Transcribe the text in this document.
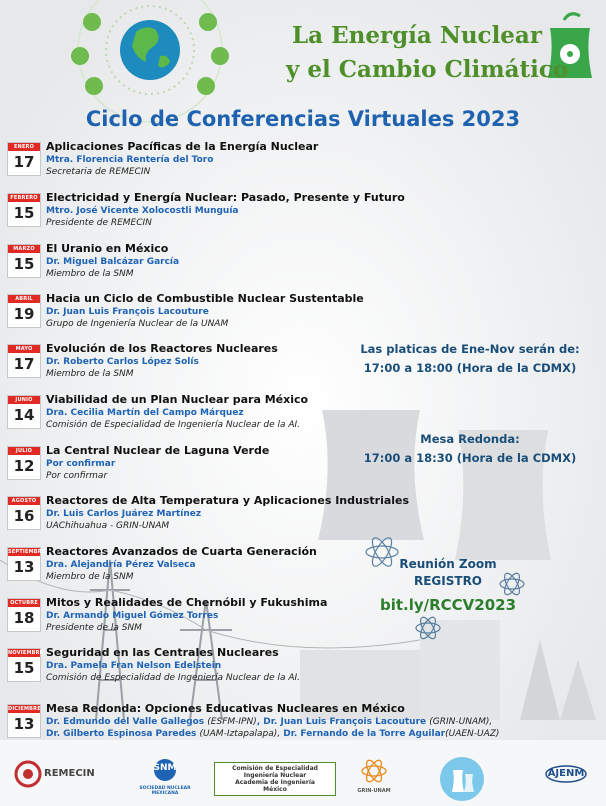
La Energía Nuclear
y el Cambio Climático
Ciclo de Conferencias Virtuales 2023
ENERO
17
Aplicaciones Pacíficas de la Energía Nuclear
Mtra. Florencia Rentería del Toro
Secretaria de REMECIN
FEBRERO
15
Electricidad y Energía Nuclear: Pasado, Presente y Futuro
Mtro. José Vicente Xolocostli Munguía
Presidente de REMECIN
MARZO
15
El Uranio en México
Dr. Miguel Balcázar García
Miembro de la SNM
ABRIL
19
Hacia un Ciclo de Combustible Nuclear Sustentable
Dr. Juan Luis François Lacouture
Grupo de Ingeniería Nuclear de la UNAM
MAYO
17
Evolución de los Reactores Nucleares
Dr. Roberto Carlos López Solís
Miembro de la SNM
JUNIO
14
Viabilidad de un Plan Nuclear para México
Dra. Cecilia Martín del Campo Márquez
Comisión de Especialidad de Ingeniería Nuclear de la AI.
JULIO
12
La Central Nuclear de Laguna Verde
Por confirmar
Por confirmar
AGOSTO
16
Reactores de Alta Temperatura y Aplicaciones Industriales
Dr. Luis Carlos Juárez Martínez
UAChihuahua - GRIN-UNAM
SEPTIEMBRE
13
Reactores Avanzados de Cuarta Generación
Dra. Alejandría Pérez Valseca
Miembro de la SNM
OCTUBRE
18
Mitos y Realidades de Chernóbil y Fukushima
Dr. Armando Miguel Gómez Torres
Presidente de la SNM
NOVIEMBRE
15
Seguridad en las Centrales Nucleares
Dra. Pamela Fran Nelson Edelstein
Comisión de Especialidad de Ingeniería Nuclear de la AI.
DICIEMBRE
13
Mesa Redonda: Opciones Educativas Nucleares en México
Dr. Edmundo del Valle Gallegos (ESFM-IPN), Dr. Juan Luis François Lacouture (GRIN-UNAM),
Dr. Gilberto Espinosa Paredes (UAM-Iztapalapa), Dr. Fernando de la Torre Aguilar(UAEN-UAZ)
Las platicas de Ene-Nov serán de:
17:00 a 18:00 (Hora de la CDMX)
Mesa Redonda:
17:00 a 18:30 (Hora de la CDMX)
Reunión Zoom
REGISTRO
bit.ly/RCCV2023
REMECIN	SNM
SOCIEDAD NUCLEAR MEXICANA
Comisión de Especialidad
Ingeniería Nuclear
Academia de Ingeniería
México	GRIN-UNAM
AJENM
